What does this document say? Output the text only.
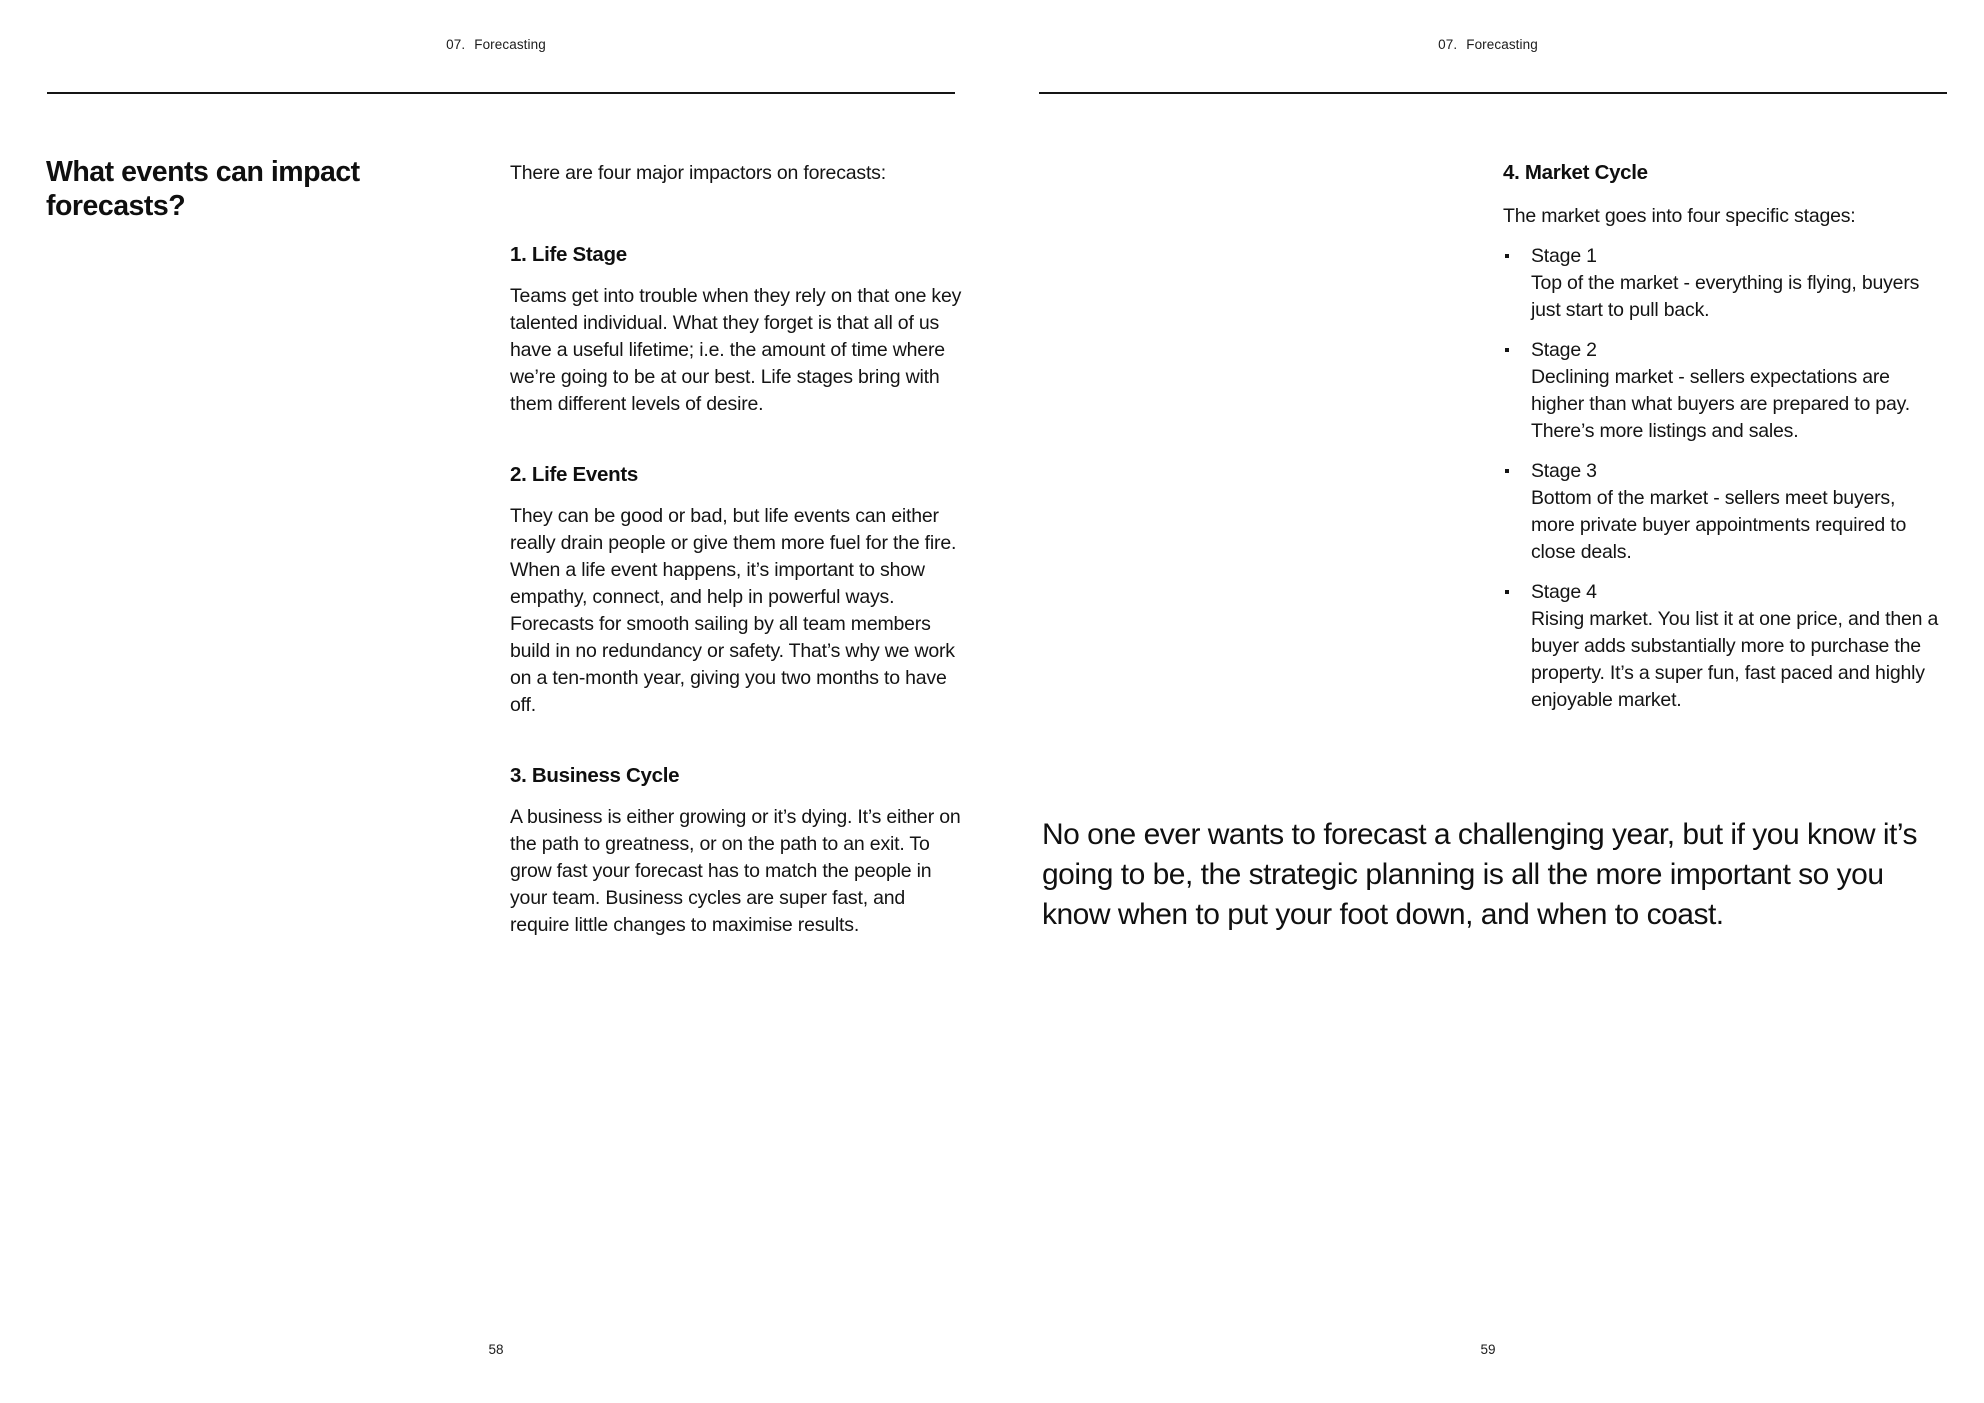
07. Forecasting
What events can impact forecasts?

There are four major impactors on forecasts:

1. Life Stage

Teams get into trouble when they rely on that one key talented individual. What they forget is that all of us have a useful lifetime; i.e. the amount of time where we’re going to be at our best. Life stages bring with them different levels of desire.

2. Life Events

They can be good or bad, but life events can either really drain people or give them more fuel for the fire. When a life event happens, it’s important to show empathy, connect, and help in powerful ways. Forecasts for smooth sailing by all team members build in no redundancy or safety. That’s why we work on a ten-month year, giving you two months to have off.

3. Business Cycle

A business is either growing or it’s dying. It’s either on the path to greatness, or on the path to an exit. To grow fast your forecast has to match the people in your team. Business cycles are super fast, and require little changes to maximise results.

58
07. Forecasting
4. Market Cycle

The market goes into four specific stages:

Stage 1
Top of the market - everything is flying, buyers just start to pull back.
Stage 2
Declining market - sellers expectations are higher than what buyers are prepared to pay. There’s more listings and sales.
Stage 3
Bottom of the market - sellers meet buyers, more private buyer appointments required to close deals.
Stage 4
Rising market. You list it at one price, and then a buyer adds substantially more to purchase the property. It’s a super fun, fast paced and highly enjoyable market.
No one ever wants to forecast a challenging year, but if you know it’s going to be, the strategic planning is all the more important so you know when to put your foot down, and when to coast.
59
